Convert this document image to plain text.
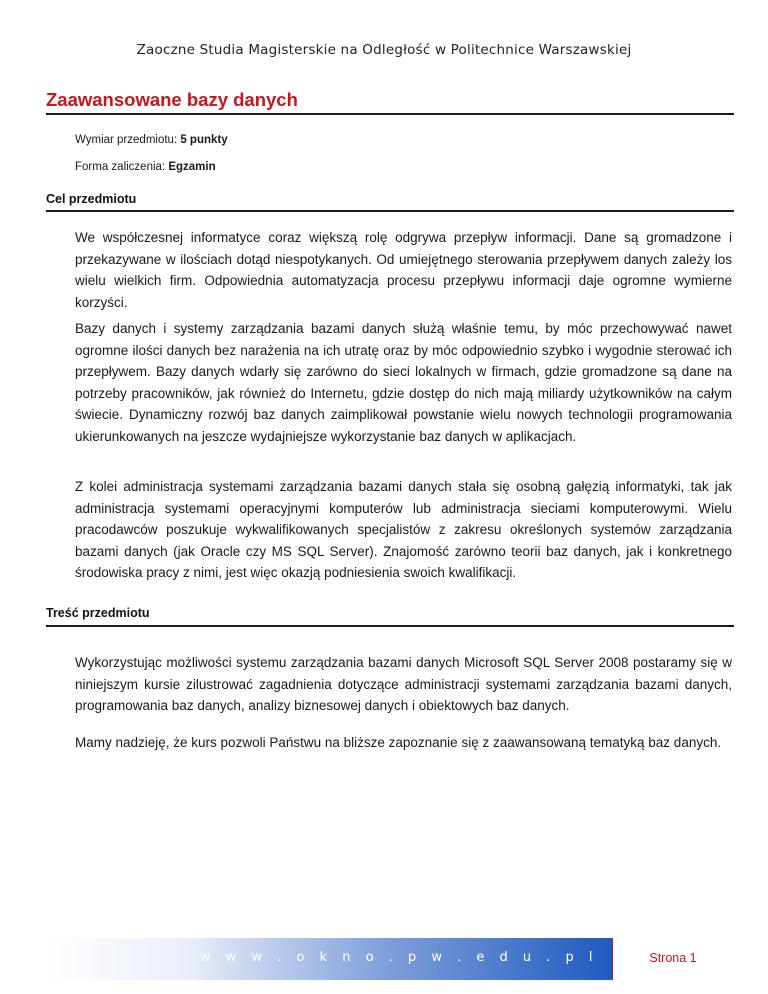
Zaoczne Studia Magisterskie na Odległość w Politechnice Warszawskiej
Zaawansowane bazy danych
Wymiar przedmiotu: 5 punkty
Forma zaliczenia: Egzamin
Cel przedmiotu
We współczesnej informatyce coraz większą rolę odgrywa przepływ informacji. Dane są gromadzone i przekazywane w ilościach dotąd niespotykanych. Od umiejętnego sterowania przepływem danych zależy los wielu wielkich firm. Odpowiednia automatyzacja procesu przepływu informacji daje ogromne wymierne korzyści.
Bazy danych i systemy zarządzania bazami danych służą właśnie temu, by móc przechowywać nawet ogromne ilości danych bez narażenia na ich utratę oraz by móc odpowiednio szybko i wygodnie sterować ich przepływem. Bazy danych wdarły się zarówno do sieci lokalnych w firmach, gdzie gromadzone są dane na potrzeby pracowników, jak również do Internetu, gdzie dostęp do nich mają miliardy użytkowników na całym świecie. Dynamiczny rozwój baz danych zaimplikował powstanie wielu nowych technologii programowania ukierunkowanych na jeszcze wydajniejsze wykorzystanie baz danych w aplikacjach.
Z kolei administracja systemami zarządzania bazami danych stała się osobną gałęzią informatyki, tak jak administracja systemami operacyjnymi komputerów lub administracja sieciami komputerowymi. Wielu pracodawców poszukuje wykwalifikowanych specjalistów z zakresu określonych systemów zarządzania bazami danych (jak Oracle czy MS SQL Server). Znajomość zarówno teorii baz danych, jak i konkretnego środowiska pracy z nimi, jest więc okazją podniesienia swoich kwalifikacji.
Treść przedmiotu
Wykorzystując możliwości systemu zarządzania bazami danych Microsoft SQL Server 2008 postaramy się w niniejszym kursie zilustrować zagadnienia dotyczące administracji systemami zarządzania bazami danych, programowania baz danych, analizy biznesowej danych i obiektowych baz danych.
Mamy nadzieję, że kurs pozwoli Państwu na bliższe zapoznanie się z zaawansowaną tematyką baz danych.
w w w . o k n o . p w . e d u . p l	Strona 1
